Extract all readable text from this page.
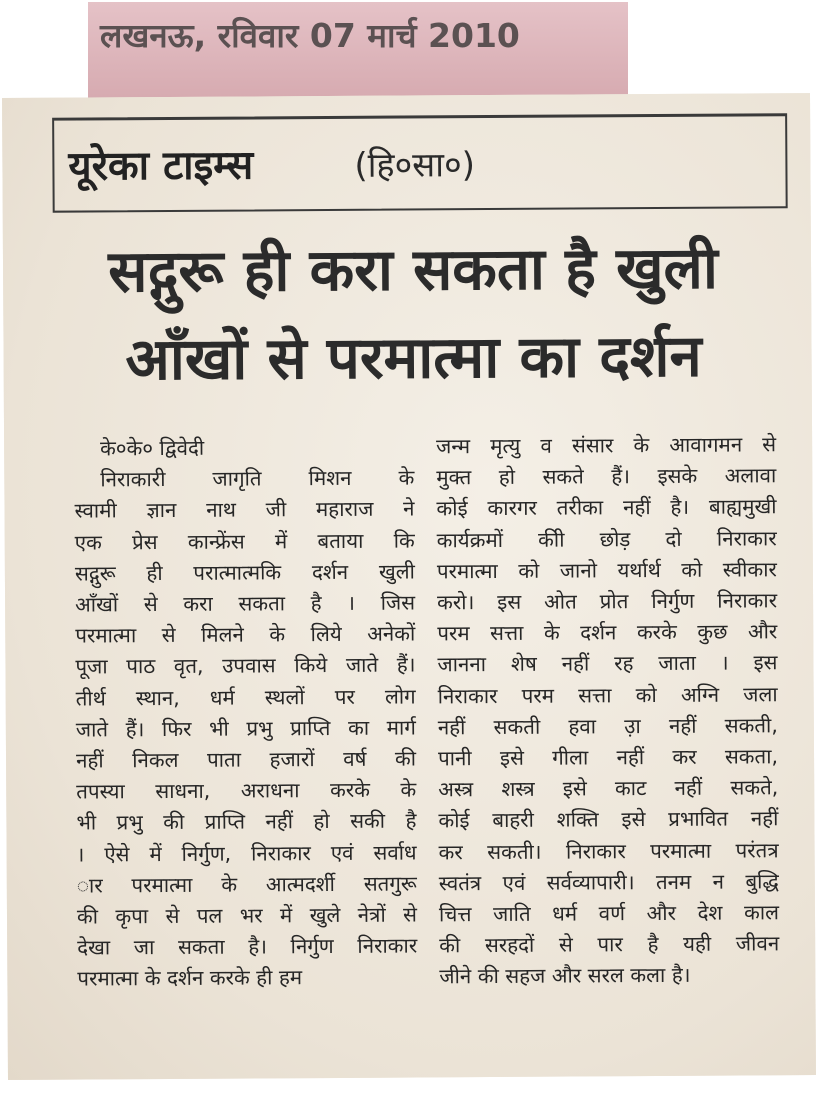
लखनऊ, रविवार 07 मार्च 2010
यूरेका टाइम्स	(हि०सा०)
सद्गुरू ही करा सकता है खुली
आँखों से परमात्मा का दर्शन
के०के० द्विवेदी
निराकारी जागृति मिशन के
स्वामी ज्ञान नाथ जी महाराज ने
एक प्रेस कान्फ्रेंस में बताया कि
सद्गुरू ही परात्मात्मकि दर्शन खुली
आँखों से करा सकता है । जिस
परमात्मा से मिलने के लिये अनेकों
पूजा पाठ वृत, उपवास किये जाते हैं।
तीर्थ स्थान, धर्म स्थलों पर लोग
जाते हैं। फिर भी प्रभु प्राप्ति का मार्ग
नहीं निकल पाता हजारों वर्ष की
तपस्या साधना, अराधना करके के
भी प्रभु की प्राप्ति नहीं हो सकी है
। ऐसे में निर्गुण, निराकार एवं सर्वाध
ार परमात्मा के आत्मदर्शी सतगुरू
की कृपा से पल भर में खुले नेत्रों से
देखा जा सकता है। निर्गुण निराकार
परमात्मा के दर्शन करके ही हम
जन्म मृत्यु व संसार के आवागमन से
मुक्त हो सकते हैं। इसके अलावा
कोई कारगर तरीका नहीं है। बाह्यमुखी
कार्यक्रमों कीी छोड़ दो निराकार
परमात्मा को जानो यर्थार्थ को स्वीकार
करो। इस ओत प्रोत निर्गुण निराकार
परम सत्ता के दर्शन करके कुछ और
जानना शेष नहीं रह जाता । इस
निराकार परम सत्ता को अग्नि जला
नहीं सकती हवा उ़ा नहीं सकती,
पानी इसे गीला नहीं कर सकता,
अस्त्र शस्त्र इसे काट नहीं सकते,
कोई बाहरी शक्ति इसे प्रभावित नहीं
कर सकती। निराकार परमात्मा परंतत्र
स्वतंत्र एवं सर्वव्यापारी। तनम न बुद्धि
चित्त जाति धर्म वर्ण और देश काल
की सरहदों से पार है यही जीवन
जीने की सहज और सरल कला है।
